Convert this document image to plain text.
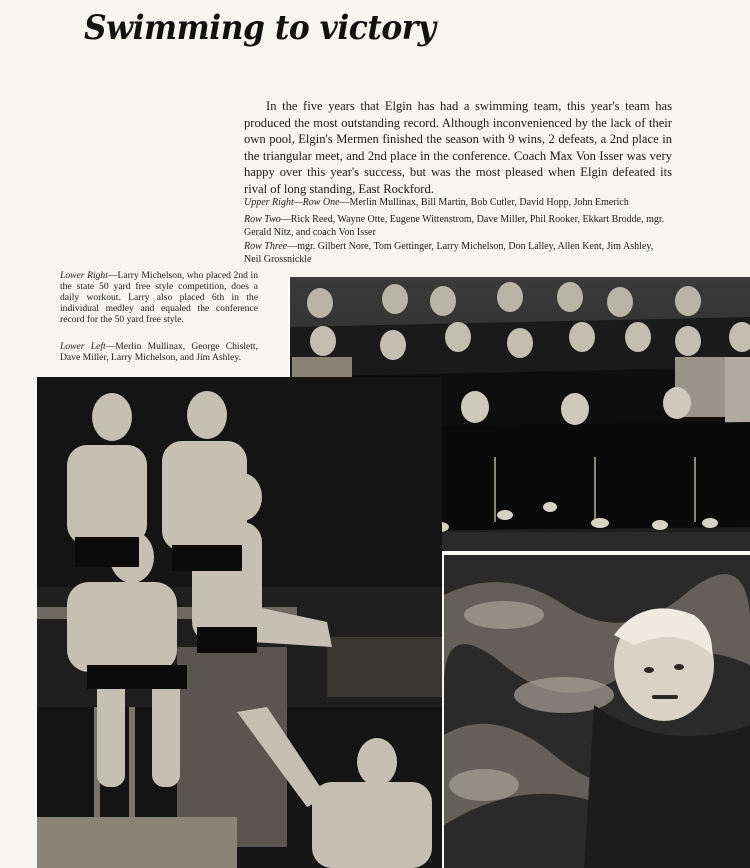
Swimming to victory

In the five years that Elgin has had a swimming team, this year's team has produced the most outstanding record. Although inconvenienced by the lack of their own pool, Elgin's Mermen finished the season with 9 wins, 2 defeats, a 2nd place in the triangular meet, and 2nd place in the conference. Coach Max Von Isser was very happy over this year's success, but was the most pleased when Elgin defeated its rival of long standing, East Rockford.

Upper Right—Row One—Merlin Mullinax, Bill Martin, Bob Cutler, David Hopp, John Emerich

Row Two—Rick Reed, Wayne Otte, Eugene Wittenstrom, Dave Miller, Phil Rooker, Ekkart Brodde, mgr. Gerald Nitz, and coach Von Isser

Row Three—mgr. Gilbert Nore, Tom Gettinger, Larry Michelson, Don Lalley, Allen Kent, Jim Ashley, Neil Grossnickle

Lower Right—Larry Michelson, who placed 2nd in the state 50 yard free style competition, does a daily workout. Larry also placed 6th in the individual medley and equaled the conference record for the 50 yard free style.

Lower Left—Merlin Mullinax, George Chislett, Dave Miller, Larry Michelson, and Jim Ashley.
